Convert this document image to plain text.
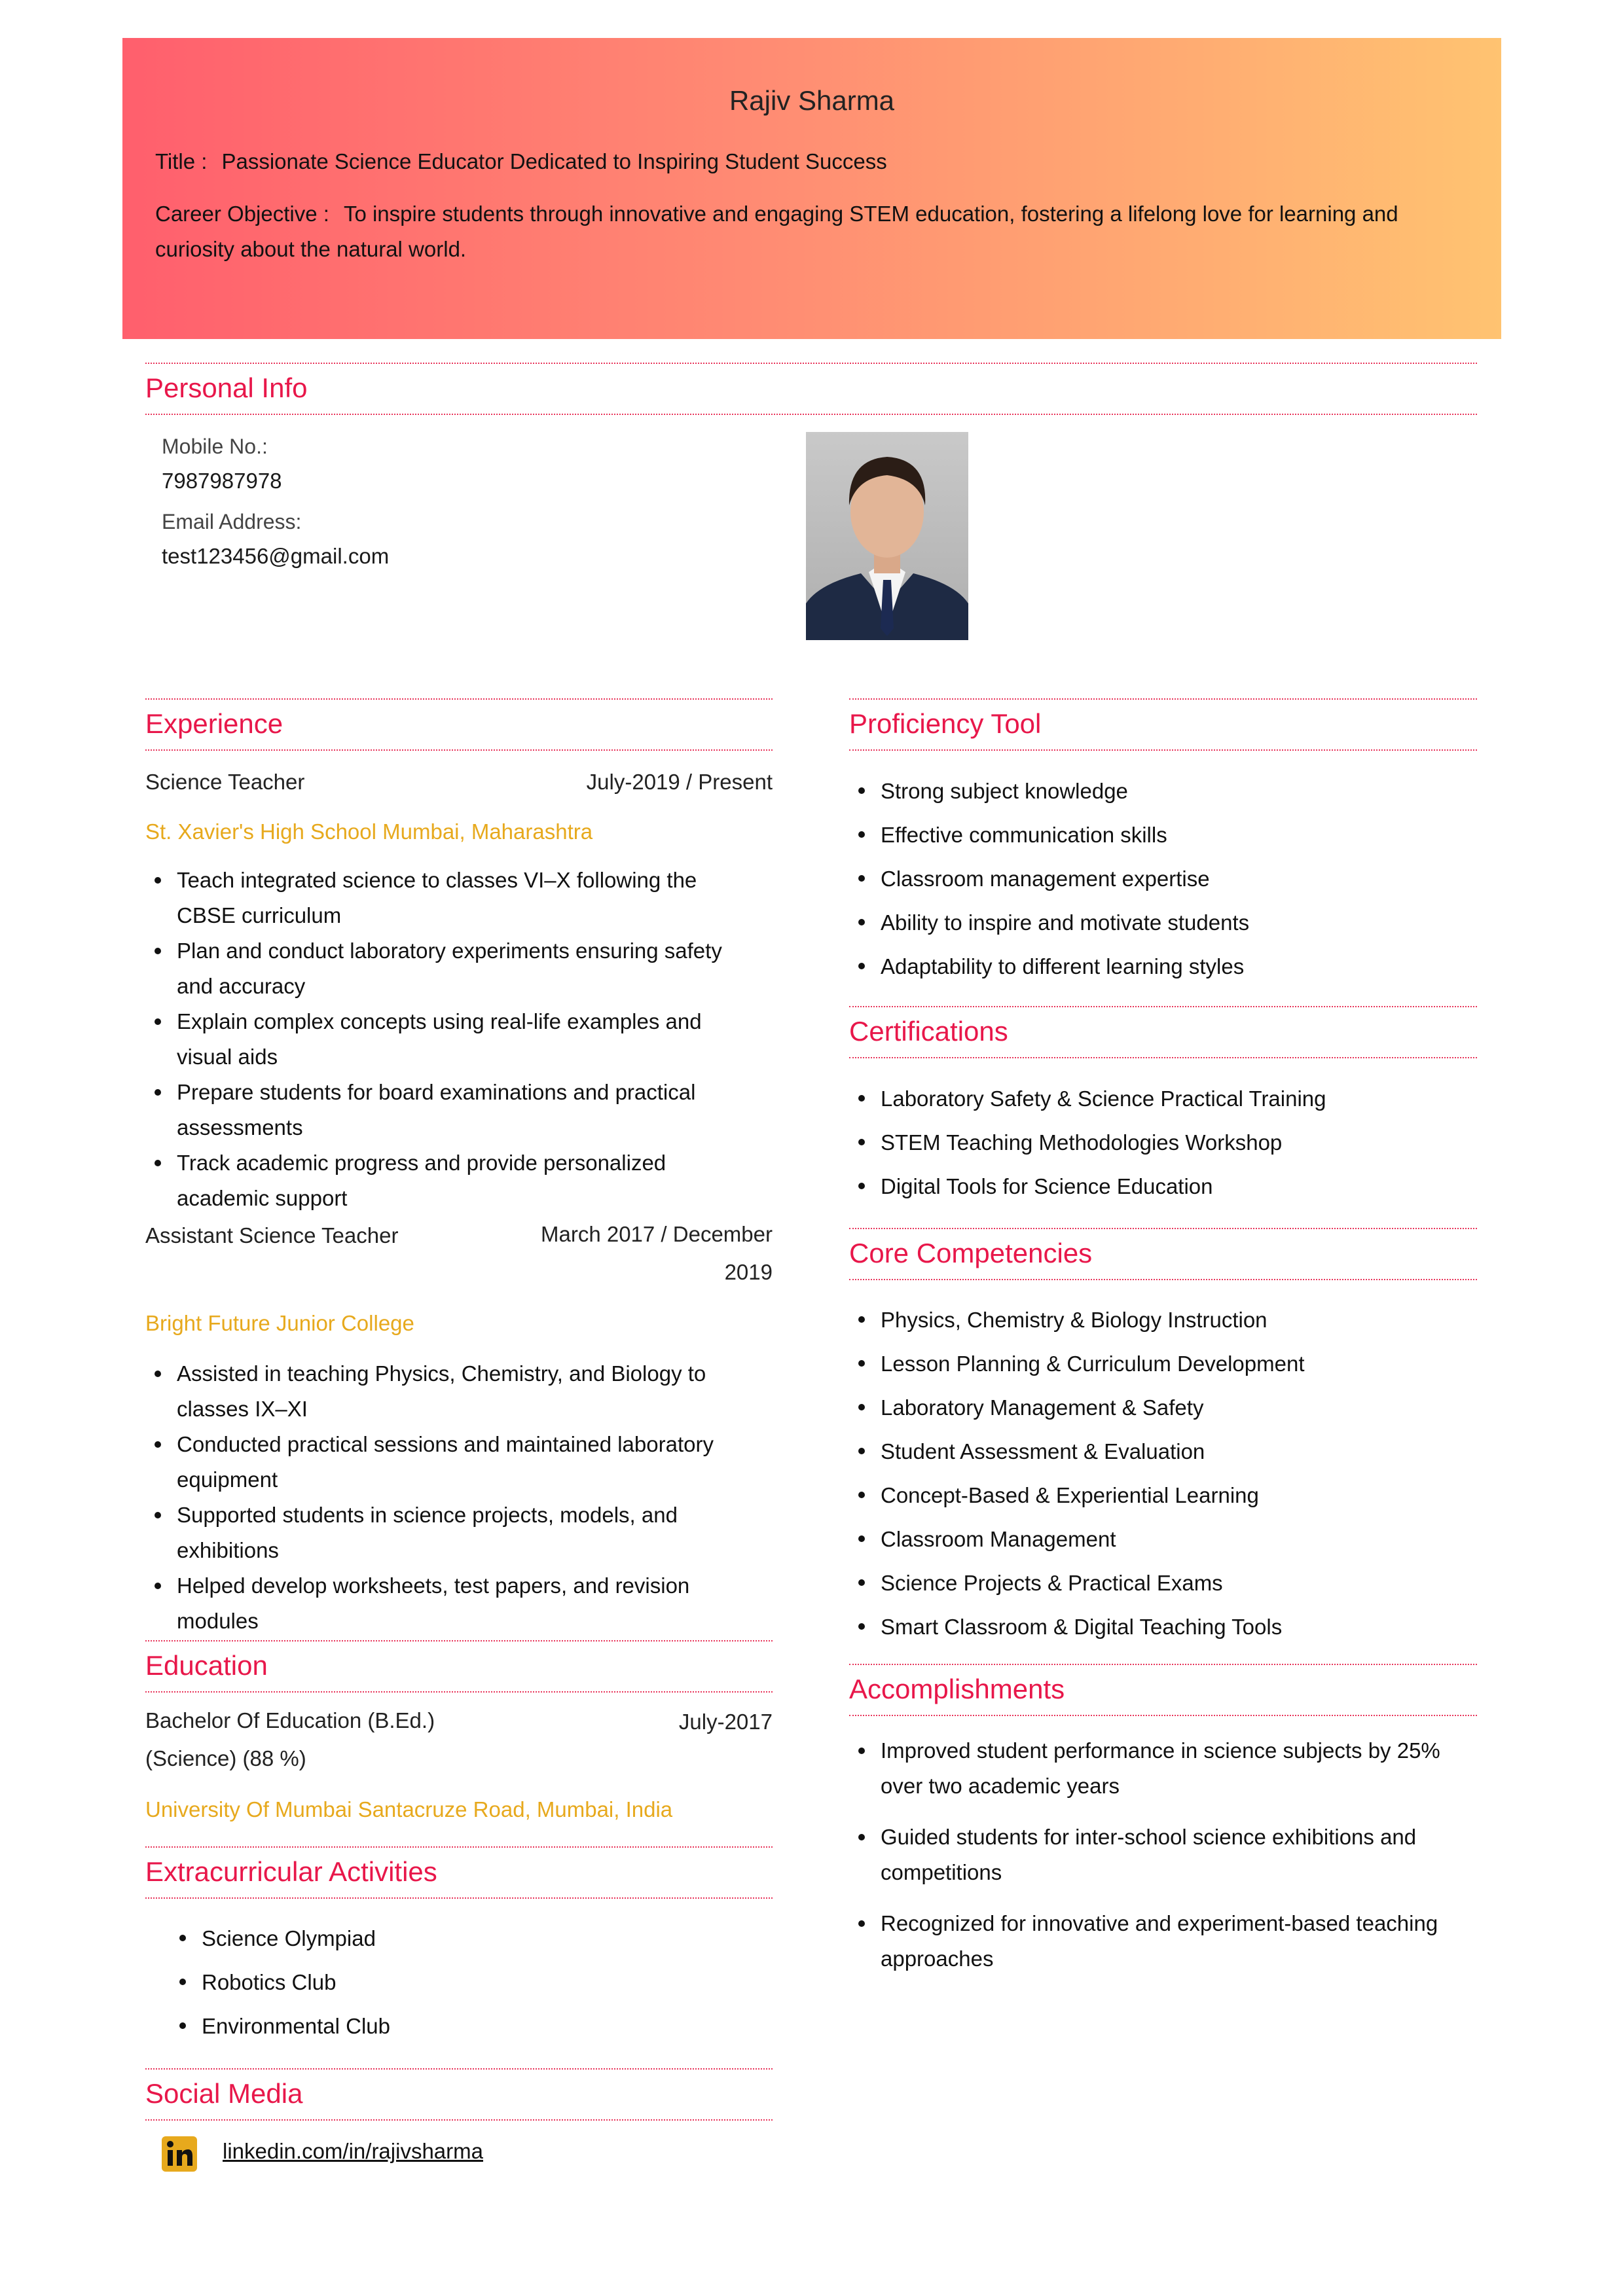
Rajiv Sharma
Title : Passionate Science Educator Dedicated to Inspiring Student Success
Career Objective : To inspire students through innovative and engaging STEM education, fostering a lifelong love for learning and curiosity about the natural world.
Personal Info
Mobile No.:
7987987978
Email Address:
test123456@gmail.com
Experience
Science Teacher	July-2019 / Present
St. Xavier's High School Mumbai, Maharashtra
Teach integrated science to classes VI–X following the CBSE curriculum
Plan and conduct laboratory experiments ensuring safety and accuracy
Explain complex concepts using real-life examples and visual aids
Prepare students for board examinations and practical assessments
Track academic progress and provide personalized academic support
Assistant Science Teacher	March 2017 / December 2019
Bright Future Junior College
Assisted in teaching Physics, Chemistry, and Biology to classes IX–XI
Conducted practical sessions and maintained laboratory equipment
Supported students in science projects, models, and exhibitions
Helped develop worksheets, test papers, and revision modules
Education
Bachelor Of Education (B.Ed.) (Science) (88 %)
July-2017
University Of Mumbai Santacruze Road, Mumbai, India
Extracurricular Activities
Science Olympiad
Robotics Club
Environmental Club
Social Media
linkedin.com/in/rajivsharma
Proficiency Tool
Strong subject knowledge
Effective communication skills
Classroom management expertise
Ability to inspire and motivate students
Adaptability to different learning styles
Certifications
Laboratory Safety & Science Practical Training
STEM Teaching Methodologies Workshop
Digital Tools for Science Education
Core Competencies
Physics, Chemistry & Biology Instruction
Lesson Planning & Curriculum Development
Laboratory Management & Safety
Student Assessment & Evaluation
Concept-Based & Experiential Learning
Classroom Management
Science Projects & Practical Exams
Smart Classroom & Digital Teaching Tools
Accomplishments
Improved student performance in science subjects by 25% over two academic years
Guided students for inter-school science exhibitions and competitions
Recognized for innovative and experiment-based teaching approaches
